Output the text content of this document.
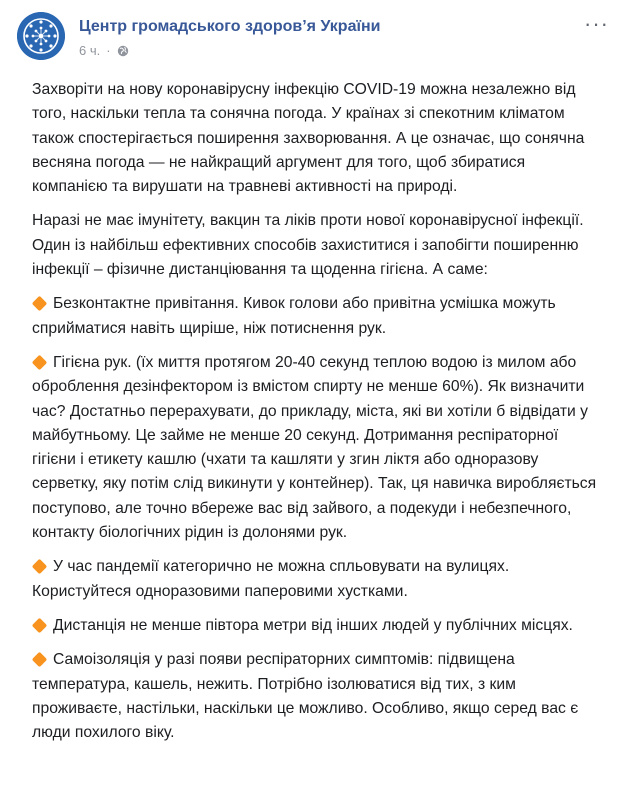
Центр громадського здоров’я України
6 ч. ·
···

Захворіти на нову коронавірусну інфекцію COVID-19 можна незалежно від того, наскільки тепла та сонячна погода. У країнах зі спекотним кліматом також спостерігається поширення захворювання. А це означає, що сонячна весняна погода — не найкращий аргумент для того, щоб збиратися компанією та вирушати на травневі активності на природі.

Наразі не має імунітету, вакцин та ліків проти нової коронавірусної інфекції. Один із найбільш ефективних способів захиститися і запобігти поширенню інфекції – фізичне дистанціювання та щоденна гігієна. А саме:

Безконтактне привітання. Кивок голови або привітна усмішка можуть сприйматися навіть щиріше, ніж потиснення рук.

Гігієна рук. (їх миття протягом 20-40 секунд теплою водою із милом або оброблення дезінфектором із вмістом спирту не менше 60%). Як визначити час? Достатньо перерахувати, до прикладу, міста, які ви хотіли б відвідати у майбутньому. Це займе не менше 20 секунд. Дотримання респіраторної гігієни і етикету кашлю (чхати та кашляти у згин ліктя або одноразову серветку, яку потім слід викинути у контейнер). Так, ця навичка виробляється поступово, але точно вбереже вас від зайвого, а подекуди і небезпечного, контакту біологічних рідин із долонями рук.

У час пандемії категорично не можна спльовувати на вулицях. Користуйтеся одноразовими паперовими хустками.

Дистанція не менше півтора метри від інших людей у публічних місцях.

Самоізоляція у разі появи респіраторних симптомів: підвищена температура, кашель, нежить. Потрібно ізолюватися від тих, з ким проживаєте, настільки, наскільки це можливо. Особливо, якщо серед вас є люди похилого віку.
